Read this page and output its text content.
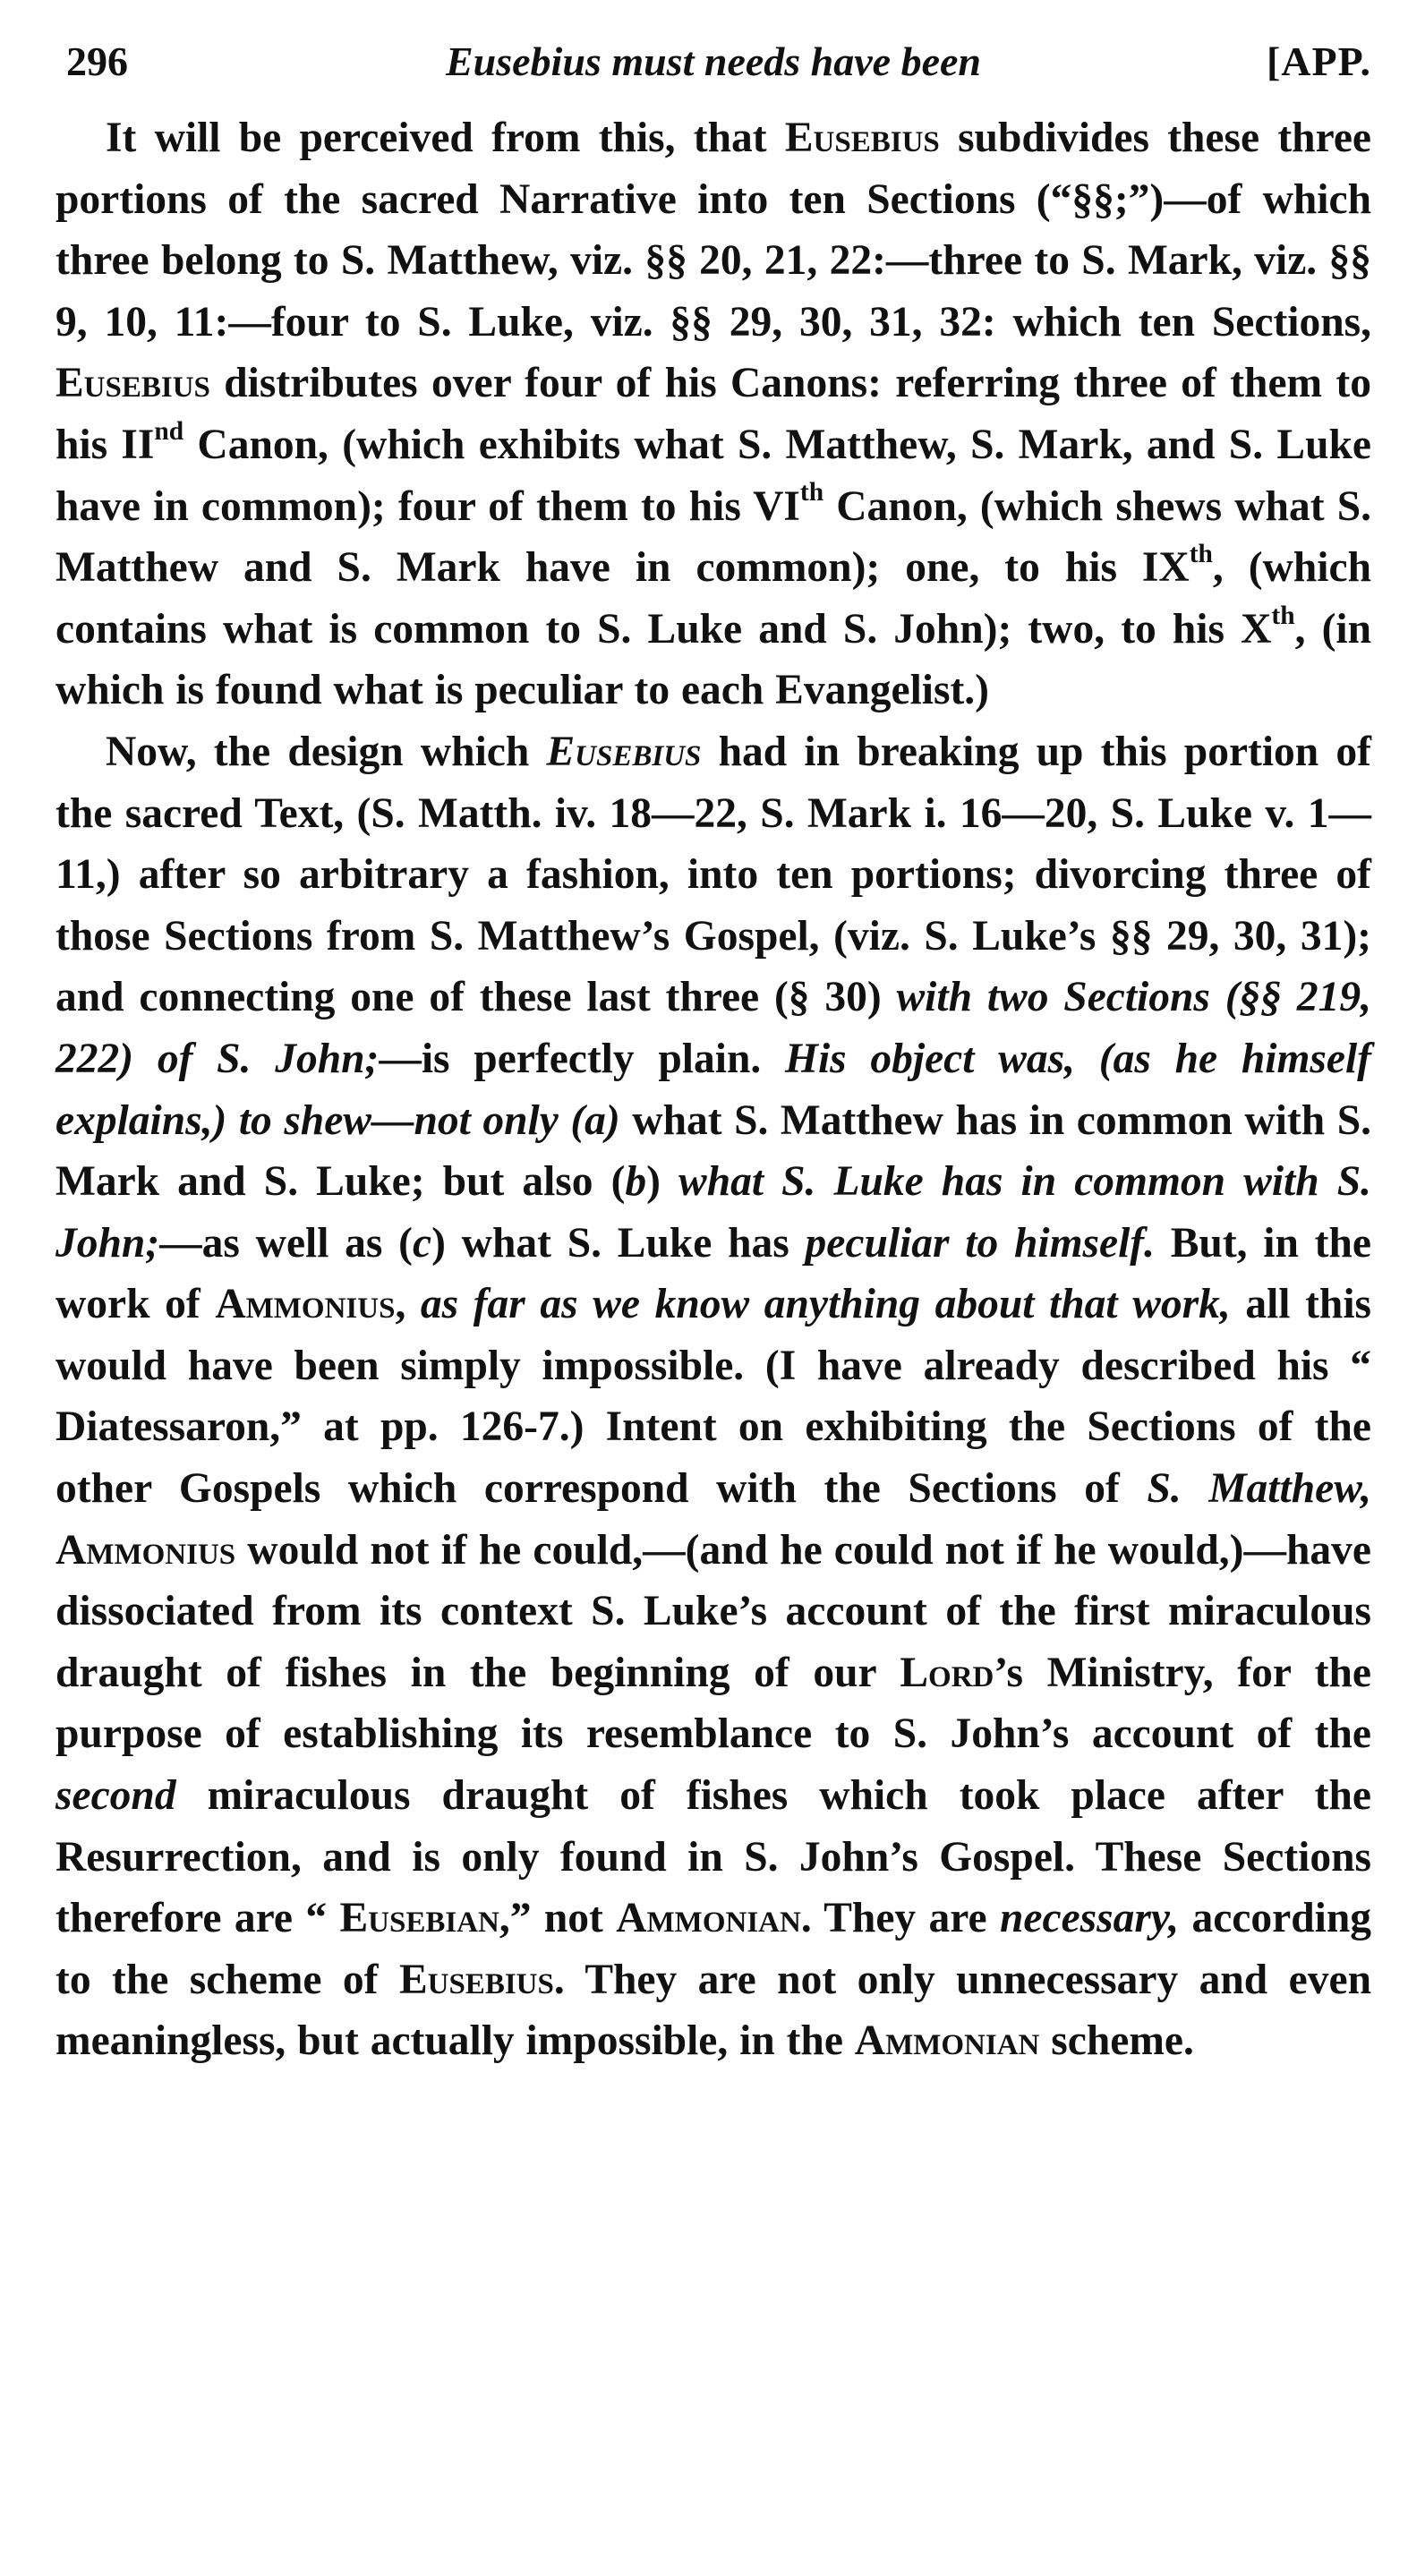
296	Eusebius must needs have been	[APP.

It will be perceived from this, that Eusebius subdivides these three portions of the sacred Narrative into ten Sections (“§§;”)—of which three belong to S. Matthew, viz. §§ 20, 21, 22:—three to S. Mark, viz. §§ 9, 10, 11:—four to S. Luke, viz. §§ 29, 30, 31, 32: which ten Sections, Eusebius distributes over four of his Canons: referring three of them to his IInd Canon, (which exhibits what S. Matthew, S. Mark, and S. Luke have in common); four of them to his VIth Canon, (which shews what S. Matthew and S. Mark have in common); one, to his IXth, (which contains what is common to S. Luke and S. John); two, to his Xth, (in which is found what is peculiar to each Evangelist.)

Now, the design which Eusebius had in breaking up this portion of the sacred Text, (S. Matth. iv. 18—22, S. Mark i. 16—20, S. Luke v. 1—11,) after so arbitrary a fashion, into ten portions; divorcing three of those Sections from S. Matthew’s Gospel, (viz. S. Luke’s §§ 29, 30, 31); and connecting one of these last three (§ 30) with two Sections (§§ 219, 222) of S. John;—is perfectly plain. His object was, (as he himself explains,) to shew—not only (a) what S. Matthew has in common with S. Mark and S. Luke; but also (b) what S. Luke has in common with S. John;—as well as (c) what S. Luke has peculiar to himself. But, in the work of Ammonius, as far as we know anything about that work, all this would have been simply impossible. (I have already described his “ Diatessaron,” at pp. 126-7.) Intent on exhibiting the Sections of the other Gospels which correspond with the Sections of S. Matthew, Ammonius would not if he could,—(and he could not if he would,)—have dissociated from its context S. Luke’s account of the first miraculous draught of fishes in the beginning of our Lord’s Ministry, for the purpose of establishing its resemblance to S. John’s account of the second miraculous draught of fishes which took place after the Resurrection, and is only found in S. John’s Gospel. These Sections therefore are “ Eusebian,” not Ammonian. They are necessary, according to the scheme of Eusebius. They are not only unnecessary and even meaningless, but actually impossible, in the Ammonian scheme.
